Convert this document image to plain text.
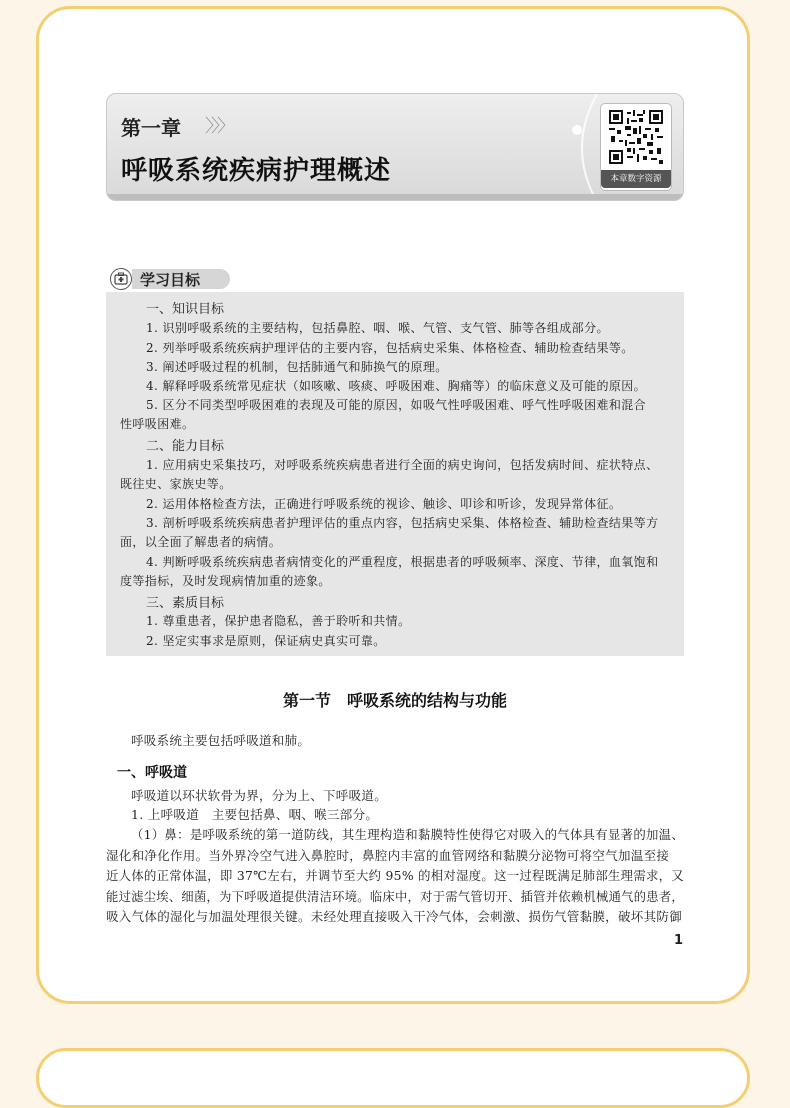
第一章 〉〉〉
呼吸系统疾病护理概述	本章数字资源
学习目标
一、知识目标
1. 识别呼吸系统的主要结构，包括鼻腔、咽、喉、气管、支气管、肺等各组成部分。
2. 列举呼吸系统疾病护理评估的主要内容，包括病史采集、体格检查、辅助检查结果等。
3. 阐述呼吸过程的机制，包括肺通气和肺换气的原理。
4. 解释呼吸系统常见症状（如咳嗽、咳痰、呼吸困难、胸痛等）的临床意义及可能的原因。
5. 区分不同类型呼吸困难的表现及可能的原因，如吸气性呼吸困难、呼气性呼吸困难和混合
性呼吸困难。
二、能力目标
1. 应用病史采集技巧，对呼吸系统疾病患者进行全面的病史询问，包括发病时间、症状特点、
既往史、家族史等。
2. 运用体格检查方法，正确进行呼吸系统的视诊、触诊、叩诊和听诊，发现异常体征。
3. 剖析呼吸系统疾病患者护理评估的重点内容，包括病史采集、体格检查、辅助检查结果等方
面，以全面了解患者的病情。
4. 判断呼吸系统疾病患者病情变化的严重程度，根据患者的呼吸频率、深度、节律，血氧饱和
度等指标，及时发现病情加重的迹象。
三、素质目标
1. 尊重患者，保护患者隐私，善于聆听和共情。
2. 坚定实事求是原则，保证病史真实可靠。
第一节　呼吸系统的结构与功能
呼吸系统主要包括呼吸道和肺。
一、呼吸道
呼吸道以环状软骨为界，分为上、下呼吸道。
1. 上呼吸道　主要包括鼻、咽、喉三部分。
（1）鼻：是呼吸系统的第一道防线，其生理构造和黏膜特性使得它对吸入的气体具有显著的加温、
湿化和净化作用。当外界冷空气进入鼻腔时，鼻腔内丰富的血管网络和黏膜分泌物可将空气加温至接
近人体的正常体温，即 37℃左右，并调节至大约 95% 的相对湿度。这一过程既满足肺部生理需求，又
能过滤尘埃、细菌，为下呼吸道提供清洁环境。临床中，对于需气管切开、插管并依赖机械通气的患者，
吸入气体的湿化与加温处理很关键。未经处理直接吸入干冷气体，会刺激、损伤气管黏膜，破坏其防御
1
